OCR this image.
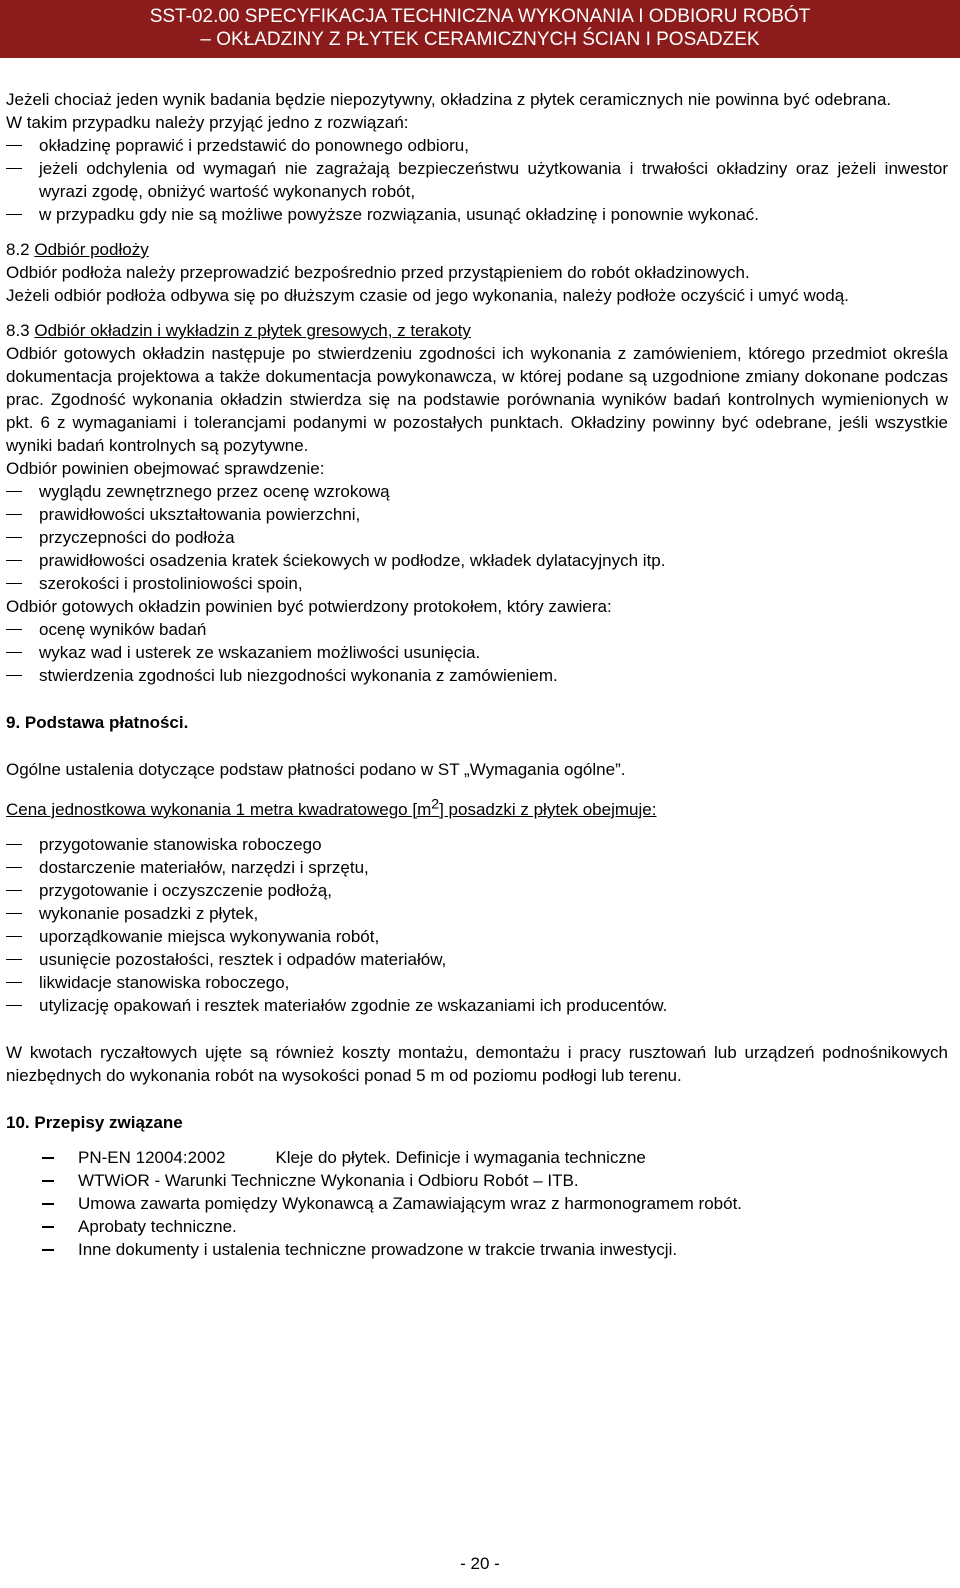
SST-02.00 SPECYFIKACJA TECHNICZNA WYKONANIA I ODBIORU ROBÓT
– OKŁADZINY Z PŁYTEK CERAMICZNYCH ŚCIAN I POSADZEK

Jeżeli chociaż jeden wynik badania będzie niepozytywny, okładzina z płytek ceramicznych nie powinna być odebrana.

W takim przypadku należy przyjąć jedno z rozwiązań:

okładzinę poprawić i przedstawić do ponownego odbioru,
jeżeli odchylenia od wymagań nie zagrażają bezpieczeństwu użytkowania i trwałości okładziny oraz jeżeli inwestor wyrazi zgodę, obniżyć wartość wykonanych robót,
w przypadku gdy nie są możliwe powyższe rozwiązania, usunąć okładzinę i ponownie wykonać.

8.2 Odbiór podłoży

Odbiór podłoża należy przeprowadzić bezpośrednio przed przystąpieniem do robót okładzinowych.

Jeżeli odbiór podłoża odbywa się po dłuższym czasie od jego wykonania, należy podłoże oczyścić i umyć wodą.

8.3 Odbiór okładzin i wykładzin z płytek gresowych, z terakoty

Odbiór gotowych okładzin następuje po stwierdzeniu zgodności ich wykonania z zamówieniem, którego przedmiot określa dokumentacja projektowa a także dokumentacja powykonawcza, w której podane są uzgodnione zmiany dokonane podczas prac. Zgodność wykonania okładzin stwierdza się na podstawie porównania wyników badań kontrolnych wymienionych w pkt. 6 z wymaganiami i tolerancjami podanymi w pozostałych punktach. Okładziny powinny być odebrane, jeśli wszystkie wyniki badań kontrolnych są pozytywne.

Odbiór powinien obejmować sprawdzenie:

wyglądu zewnętrznego przez ocenę wzrokową
prawidłowości ukształtowania powierzchni,
przyczepności do podłoża
prawidłowości osadzenia kratek ściekowych w podłodze, wkładek dylatacyjnych itp.
szerokości i prostoliniowości spoin,

Odbiór gotowych okładzin powinien być potwierdzony protokołem, który zawiera:

ocenę wyników badań
wykaz wad i usterek ze wskazaniem możliwości usunięcia.
stwierdzenia zgodności lub niezgodności wykonania z zamówieniem.

9. Podstawa płatności.

Ogólne ustalenia dotyczące podstaw płatności podano w ST „Wymagania ogólne”.

Cena jednostkowa wykonania 1 metra kwadratowego $[m^2]$ posadzki z płytek obejmuje:

przygotowanie stanowiska roboczego
dostarczenie materiałów, narzędzi i sprzętu,
przygotowanie i oczyszczenie podłożą,
wykonanie posadzki z płytek,
uporządkowanie miejsca wykonywania robót,
usunięcie pozostałości, resztek i odpadów materiałów,
likwidacje stanowiska roboczego,
utylizację opakowań i resztek materiałów zgodnie ze wskazaniami ich producentów.

W kwotach ryczałtowych ujęte są również koszty montażu, demontażu i pracy rusztowań lub urządzeń podnośnikowych niezbędnych do wykonania robót na wysokości ponad 5 m od poziomu podłogi lub terenu.

10. Przepisy związane

PN-EN 12004:2002	Kleje do płytek. Definicje i wymagania techniczne
WTWiOR - Warunki Techniczne Wykonania i Odbioru Robót – ITB.
Umowa zawarta pomiędzy Wykonawcą a Zamawiającym wraz z harmonogramem robót.
Aprobaty techniczne.
Inne dokumenty i ustalenia techniczne prowadzone w trakcie trwania inwestycji.
- 20 -
